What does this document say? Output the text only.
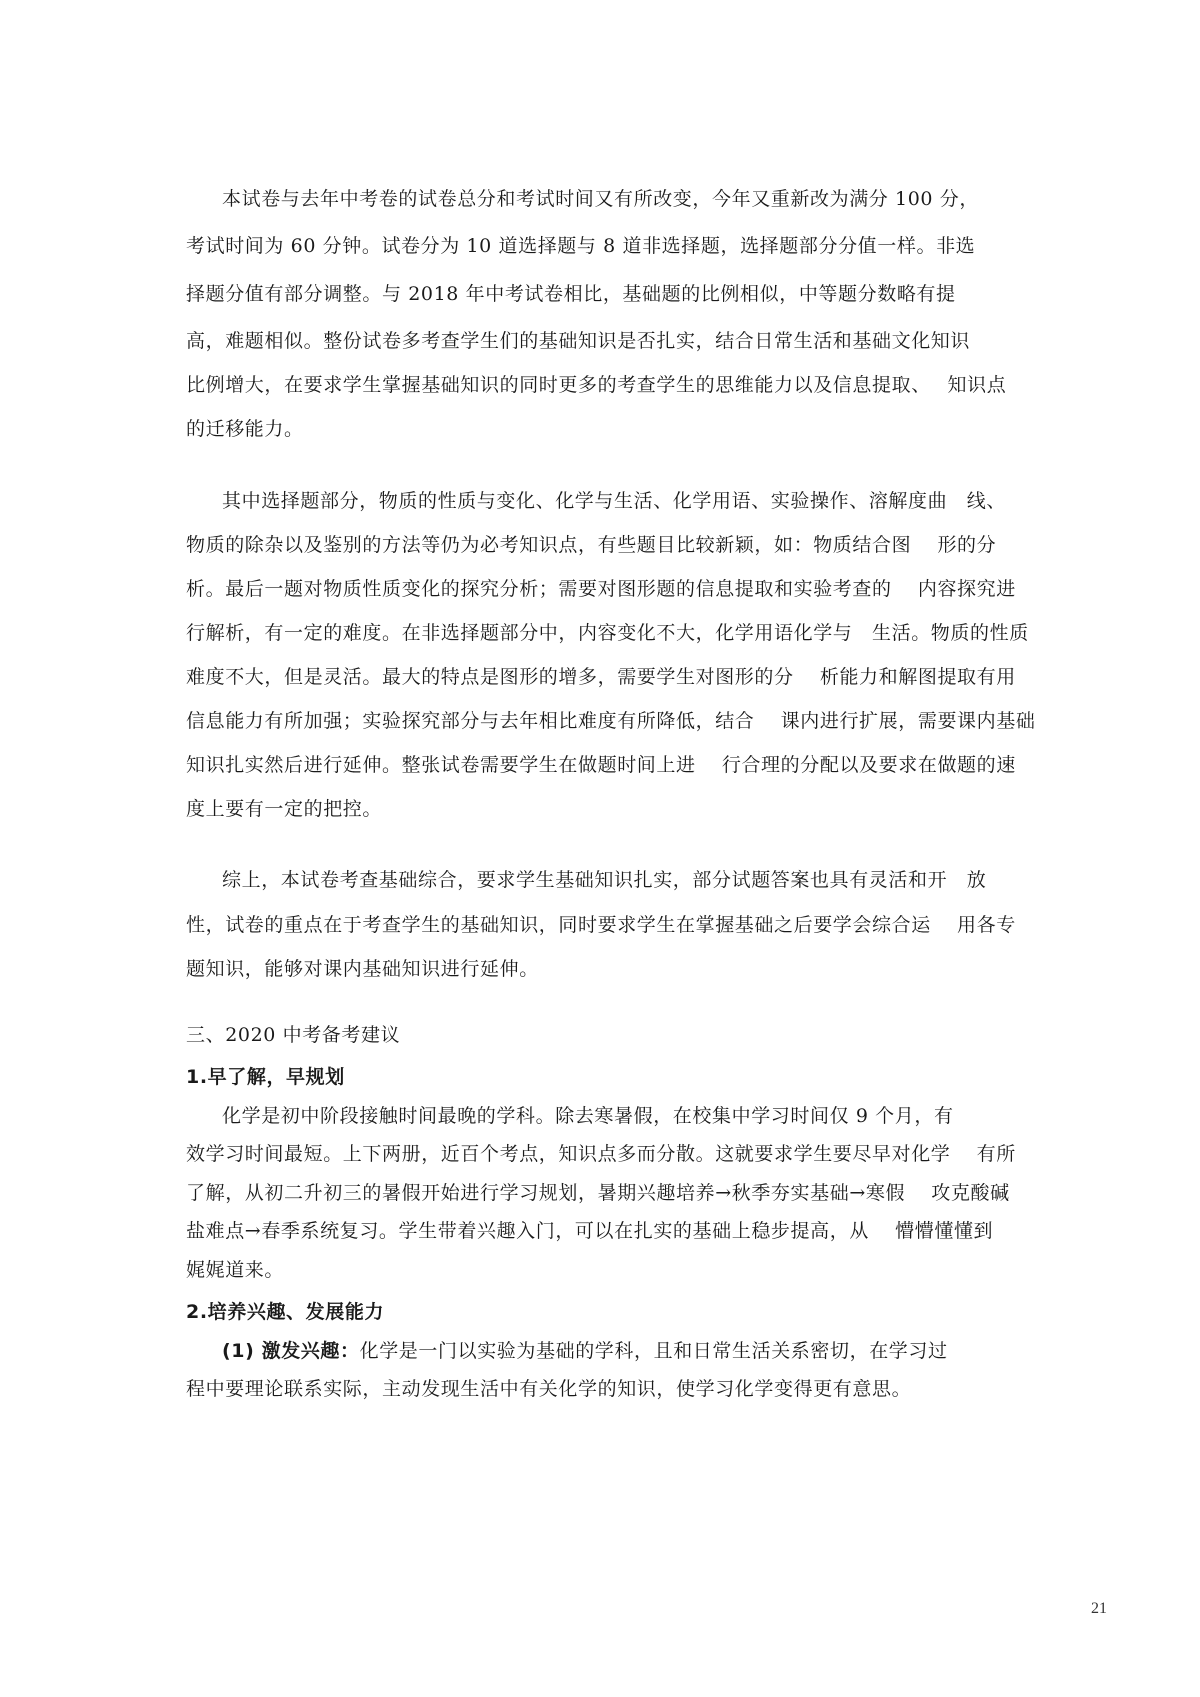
本试卷与去年中考卷的试卷总分和考试时间又有所改变，今年又重新改为满分 100 分，

考试时间为 60 分钟。试卷分为 10 道选择题与 8 道非选择题，选择题部分分值一样。非选

择题分值有部分调整。与 2018 年中考试卷相比，基础题的比例相似，中等题分数略有提

高，难题相似。整份试卷多考查学生们的基础知识是否扎实，结合日常生活和基础文化知识

比例增大，在要求学生掌握基础知识的同时更多的考查学生的思维能力以及信息提取、　 知识点

的迁移能力。

其中选择题部分，物质的性质与变化、化学与生活、化学用语、实验操作、溶解度曲　线、

物质的除杂以及鉴别的方法等仍为必考知识点，有些题目比较新颖，如：物质结合图　 形的分

析。最后一题对物质性质变化的探究分析；需要对图形题的信息提取和实验考查的　 内容探究进

行解析，有一定的难度。在非选择题部分中，内容变化不大，化学用语化学与　生活。物质的性质

难度不大，但是灵活。最大的特点是图形的增多，需要学生对图形的分　 析能力和解图提取有用

信息能力有所加强；实验探究部分与去年相比难度有所降低，结合　 课内进行扩展，需要课内基础

知识扎实然后进行延伸。整张试卷需要学生在做题时间上进　 行合理的分配以及要求在做题的速

度上要有一定的把控。

综上，本试卷考查基础综合，要求学生基础知识扎实，部分试题答案也具有灵活和开　放

性，试卷的重点在于考查学生的基础知识，同时要求学生在掌握基础之后要学会综合运　 用各专

题知识，能够对课内基础知识进行延伸。

三、2020 中考备考建议

1.早了解，早规划

化学是初中阶段接触时间最晚的学科。除去寒暑假，在校集中学习时间仅 9 个月，有

效学习时间最短。上下两册，近百个考点，知识点多而分散。这就要求学生要尽早对化学　 有所

了解，从初二升初三的暑假开始进行学习规划，暑期兴趣培养→秋季夯实基础→寒假　 攻克酸碱

盐难点→春季系统复习。学生带着兴趣入门，可以在扎实的基础上稳步提高，从　 懵懵懂懂到

娓娓道来。

2.培养兴趣、发展能力

(1) 激发兴趣：化学是一门以实验为基础的学科，且和日常生活关系密切，在学习过

程中要理论联系实际，主动发现生活中有关化学的知识，使学习化学变得更有意思。

21
